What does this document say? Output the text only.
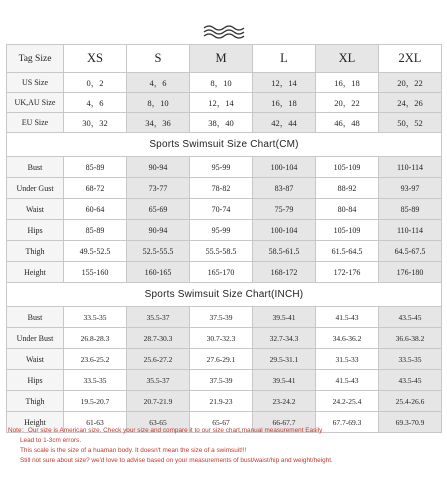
Tag Size	XS	S	M	L	XL	2XL
US Size	0，2	4，6	8，10	12，14	16，18	20，22
UK,AU Size	4，6	8，10	12，14	16，18	20，22	24，26
EU Size	30，32	34，36	38，40	42，44	46，48	50，52
Sports Swimsuit Size Chart(CM)						
Bust	85-89	90-94	95-99	100-104	105-109	110-114
Under Gust	68-72	73-77	78-82	83-87	88-92	93-97
Waist	60-64	65-69	70-74	75-79	80-84	85-89
Hips	85-89	90-94	95-99	100-104	105-109	110-114
Thigh	49.5-52.5	52.5-55.5	55.5-58.5	58.5-61.5	61.5-64.5	64.5-67.5
Height	155-160	160-165	165-170	168-172	172-176	176-180
Sports Swimsuit Size Chart(INCH)						
Bust	33.5-35	35.5-37	37.5-39	39.5-41	41.5-43	43.5-45
Under Bust	26.8-28.3	28.7-30.3	30.7-32.3	32.7-34.3	34.6-36.2	36.6-38.2
Waist	23.6-25.2	25.6-27.2	27.6-29.1	29.5-31.1	31.5-33	33.5-35
Hips	33.5-35	35.5-37	37.5-39	39.5-41	41.5-43	43.5-45
Thigh	19.5-20.7	20.7-21.9	21.9-23	23-24.2	24.2-25.4	25.4-26.6
Height	61-63	63-65	65-67	66-67.7	67.7-69.3	69.3-70.9
Note：Our size is American size. Check your size and compare it to our size chart,manual measurement Easily
Lead to 1-3cm errors.
This scale is the size of a huaman body. It doesn't mean the size of a swimsuit!!!
Still not sure about size? we'd love to advise based on your measurements of bust/waist/hip and weight/height.
